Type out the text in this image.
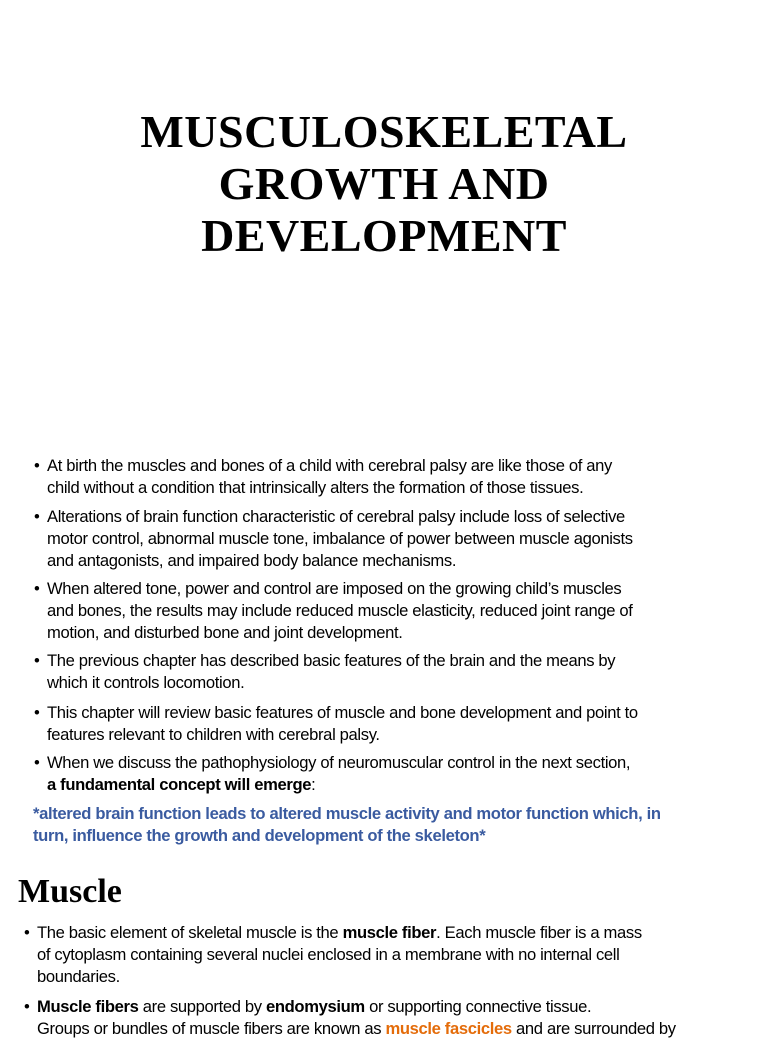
MUSCULOSKELETAL
GROWTH AND
DEVELOPMENT
• At birth the muscles and bones of a child with cerebral palsy are like those of any
child without a condition that intrinsically alters the formation of those tissues.
• Alterations of brain function characteristic of cerebral palsy include loss of selective
motor control, abnormal muscle tone, imbalance of power between muscle agonists
and antagonists, and impaired body balance mechanisms.
• When altered tone, power and control are imposed on the growing child’s muscles
and bones, the results may include reduced muscle elasticity, reduced joint range of
motion, and disturbed bone and joint development.
• The previous chapter has described basic features of the brain and the means by
which it controls locomotion.
• This chapter will review basic features of muscle and bone development and point to
features relevant to children with cerebral palsy.
• When we discuss the pathophysiology of neuromuscular control in the next section,
a fundamental concept will emerge:
*altered brain function leads to altered muscle activity and motor function which, in
turn, influence the growth and development of the skeleton*
Muscle
• The basic element of skeletal muscle is the muscle fiber. Each muscle fiber is a mass
of cytoplasm containing several nuclei enclosed in a membrane with no internal cell
boundaries.
• Muscle fibers are supported by endomysium or supporting connective tissue.
Groups or bundles of muscle fibers are known as muscle fascicles and are surrounded by
